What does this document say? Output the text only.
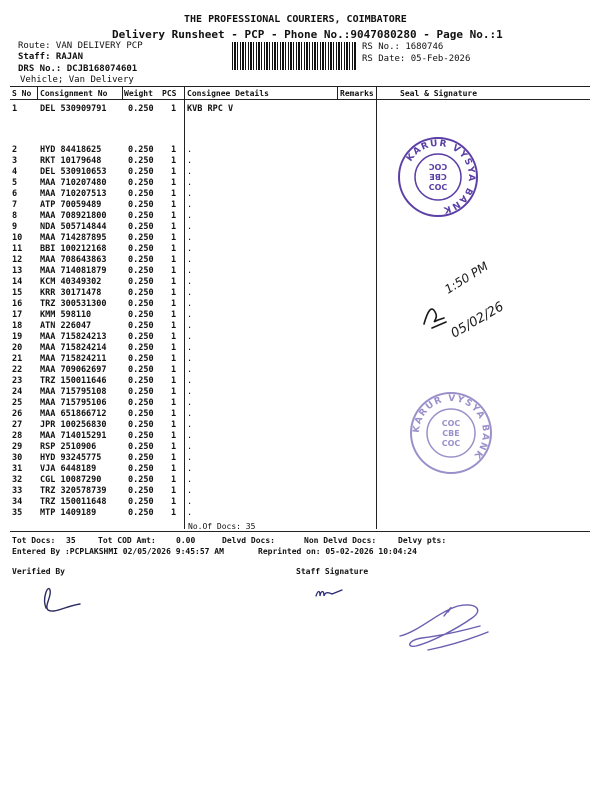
THE PROFESSIONAL COURIERS, COIMBATORE
Delivery Runsheet - PCP - Phone No.:9047080280 - Page No.:1
Route: VAN DELIVERY PCP
Staff: RAJAN
DRS No.: DCJB168074601
Vehicle; Van Delivery
RS No.: 1680746
RS Date: 05-Feb-2026
S No Consignment No Weight PCS Consignee Details	Remarks	Seal & Signature
1	DEL 530909791	0.250 1 KVB RPC V
2	HYD 84418625	0.250 1 .
3	RKT 10179648	0.250 1 .
4	DEL 530910653	0.250 1 .
5	MAA 710207480	0.250 1 .
6	MAA 710207513	0.250 1 .
7	ATP 70059489	0.250 1 .
8	MAA 708921800	0.250 1 .
9	NDA 505714844	0.250 1 .
10 MAA 714287895	0.250 1 .
11 BBI 100212168	0.250 1 .
12 MAA 708643863	0.250 1 .
13 MAA 714081879	0.250 1 .
14 KCM 40349302	0.250 1 .
15 KRR 30171478	0.250 1 .
16 TRZ 300531300	0.250 1 .
17 KMM 598110	0.250 1 .
18 ATN 226047	0.250 1 .
19 MAA 715824213	0.250 1 .
20 MAA 715824214	0.250 1 .
21 MAA 715824211	0.250 1 .
22 MAA 709062697	0.250 1 .
23 TRZ 150011646	0.250 1 .
24 MAA 715795108	0.250 1 .
25 MAA 715795106	0.250 1 .
26 MAA 651866712	0.250 1 .
27 JPR 100256830	0.250 1 .
28 MAA 714015291	0.250 1 .
29 RSP 2510906	0.250 1 .
30 HYD 93245775	0.250 1 .
31 VJA 6448189	0.250 1 .
32 CGL 10087290	0.250 1 .
33 TRZ 320578739	0.250 1 .
34 TRZ 150011648	0.250 1 .
35 MTP 1409189	0.250 1 .
No.Of Docs: 35
Tot Docs: 35	Tot COD Amt:	0.00	Delvd Docs:	Non Delvd Docs:	Delvy pts:
Entered By :PCPLAKSHMI 02/05/2026 9:45:57 AM	Reprinted on: 05-02-2026 10:04:24
Verified By	Staff Signature
KARUR VYSYA BANK
COC
CBE
COC
KARUR VYSYA BANK
COC
CBE
COC
1:50 PM
05/02/26
